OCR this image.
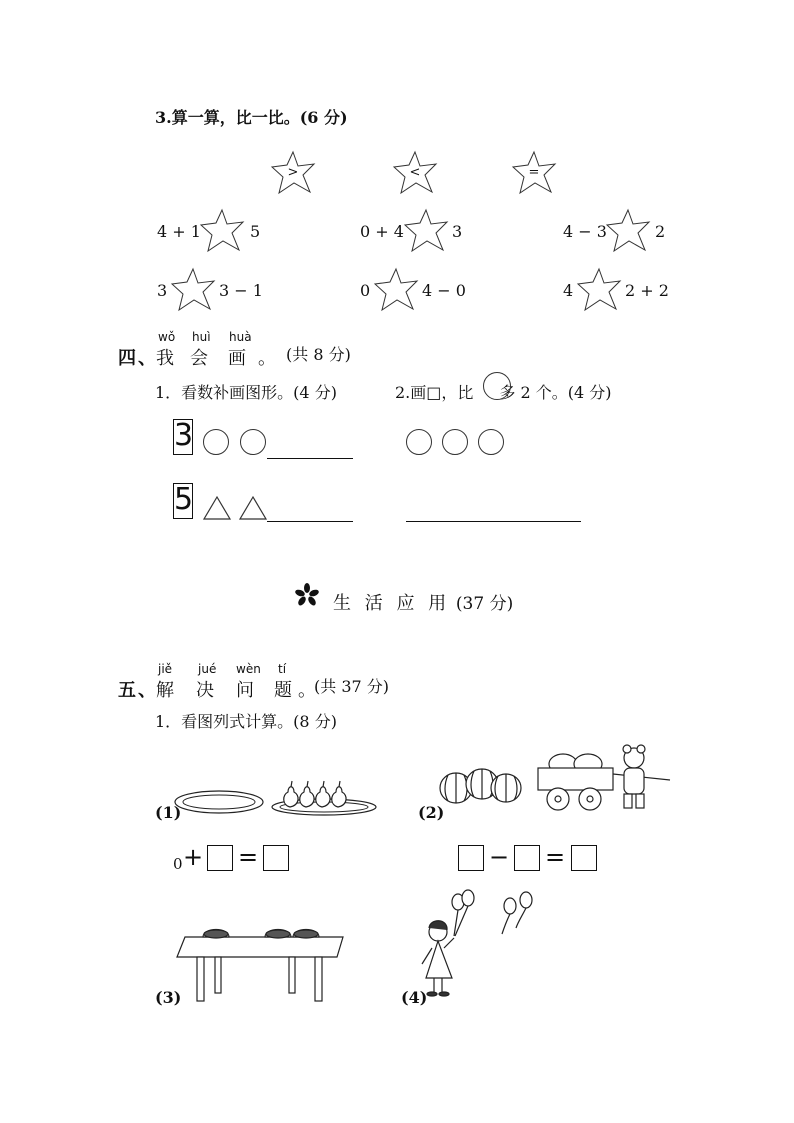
3.算一算，比一比。(6 分)
>	<	=
4 + 1	5	0 + 4	3	4 − 3	2
3	3 − 1	0	4 − 0	4	2 + 2
四、
wǒ
我
huì
会
huà
画 。 (共 8 分)
1．看数补画图形。(4 分)	2.画□，比 多 2 个。(4 分)
3
5
生 活 应 用 (37 分)
五、
jiě
解
jué
决
wèn
问
tí
题 。
(共 37 分)
1．看图列式计算。(8 分)
(1)	(2)
0 + =	− =
(3)	(4)
